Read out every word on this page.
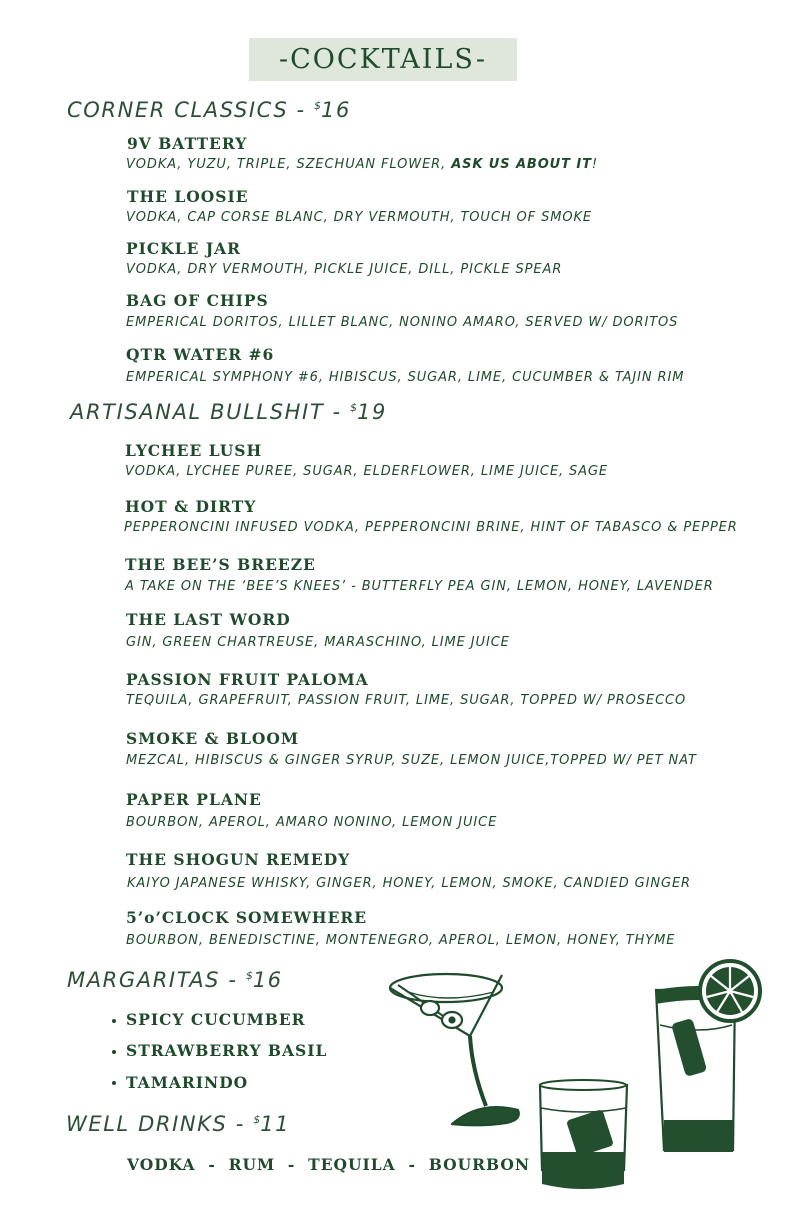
-COCKTAILS-
CORNER CLASSICS - $16
9V BATTERY
VODKA, YUZU, TRIPLE, SZECHUAN FLOWER, ASK US ABOUT IT!
THE LOOSIE
VODKA, CAP CORSE BLANC, DRY VERMOUTH, TOUCH OF SMOKE
PICKLE JAR
VODKA, DRY VERMOUTH, PICKLE JUICE, DILL, PICKLE SPEAR
BAG OF CHIPS
EMPERICAL DORITOS, LILLET BLANC, NONINO AMARO, SERVED W/ DORITOS
QTR WATER #6
EMPERICAL SYMPHONY #6, HIBISCUS, SUGAR, LIME, CUCUMBER & TAJIN RIM
ARTISANAL BULLSHIT - $19
LYCHEE LUSH
VODKA, LYCHEE PUREE, SUGAR, ELDERFLOWER, LIME JUICE, SAGE
HOT & DIRTY
PEPPERONCINI INFUSED VODKA, PEPPERONCINI BRINE, HINT OF TABASCO & PEPPER
THE BEE’S BREEZE
A TAKE ON THE ‘BEE’S KNEES’ - BUTTERFLY PEA GIN, LEMON, HONEY, LAVENDER
THE LAST WORD
GIN, GREEN CHARTREUSE, MARASCHINO, LIME JUICE
PASSION FRUIT PALOMA
TEQUILA, GRAPEFRUIT, PASSION FRUIT, LIME, SUGAR, TOPPED W/ PROSECCO
SMOKE & BLOOM
MEZCAL, HIBISCUS & GINGER SYRUP, SUZE, LEMON JUICE,TOPPED W/ PET NAT
PAPER PLANE
BOURBON, APEROL, AMARO NONINO, LEMON JUICE
THE SHOGUN REMEDY
KAIYO JAPANESE WHISKY, GINGER, HONEY, LEMON, SMOKE, CANDIED GINGER
5’o’CLOCK SOMEWHERE
BOURBON, BENEDISCTINE, MONTENEGRO, APEROL, LEMON, HONEY, THYME
MARGARITAS - $16
SPICY CUCUMBER
STRAWBERRY BASIL
TAMARINDO
WELL DRINKS - $11
VODKA  -  RUM  -  TEQUILA  -  BOURBON
